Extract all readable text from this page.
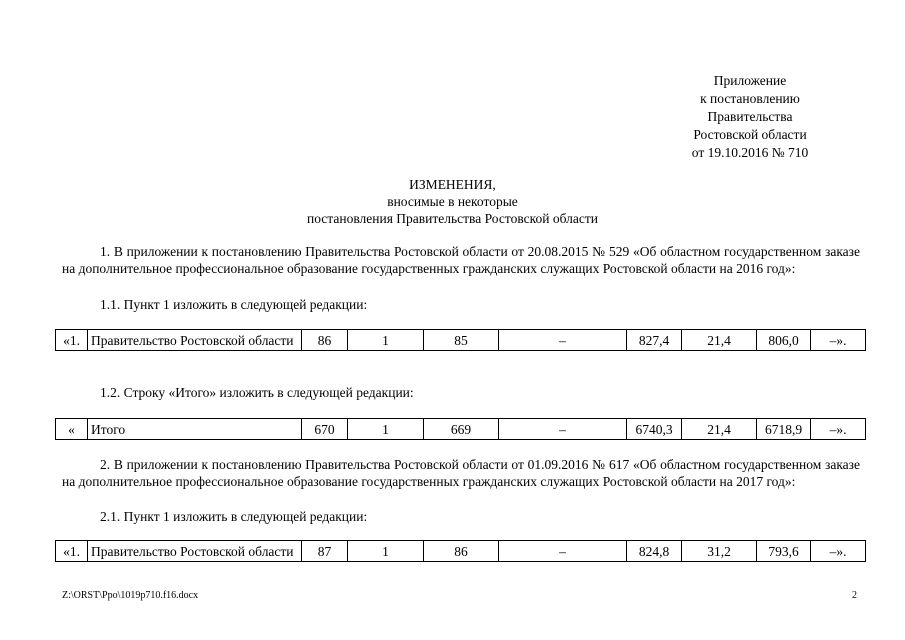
Приложение
к постановлению
Правительства
Ростовской области
от 19.10.2016 № 710
ИЗМЕНЕНИЯ,
вносимые в некоторые
постановления Правительства Ростовской области
1. В приложении к постановлению Правительства Ростовской области от 20.08.2015 № 529 «Об областном государственном заказе на дополнительное профессиональное образование государственных гражданских служащих Ростовской области на 2016 год»:
1.1. Пункт 1 изложить в следующей редакции:
«1.	Правительство Ростовской области	86	1	85	–	827,4	21,4	806,0	–».
1.2. Строку «Итого» изложить в следующей редакции:
«	Итого	670	1	669	–	6740,3	21,4	6718,9	–».
2. В приложении к постановлению Правительства Ростовской области от 01.09.2016 № 617 «Об областном государственном заказе на дополнительное профессиональное образование государственных гражданских служащих Ростовской области на 2017 год»:
2.1. Пункт 1 изложить в следующей редакции:
«1.	Правительство Ростовской области	87	1	86	–	824,8	31,2	793,6	–».
Z:\ORST\Ppo\1019p710.f16.docx	2
